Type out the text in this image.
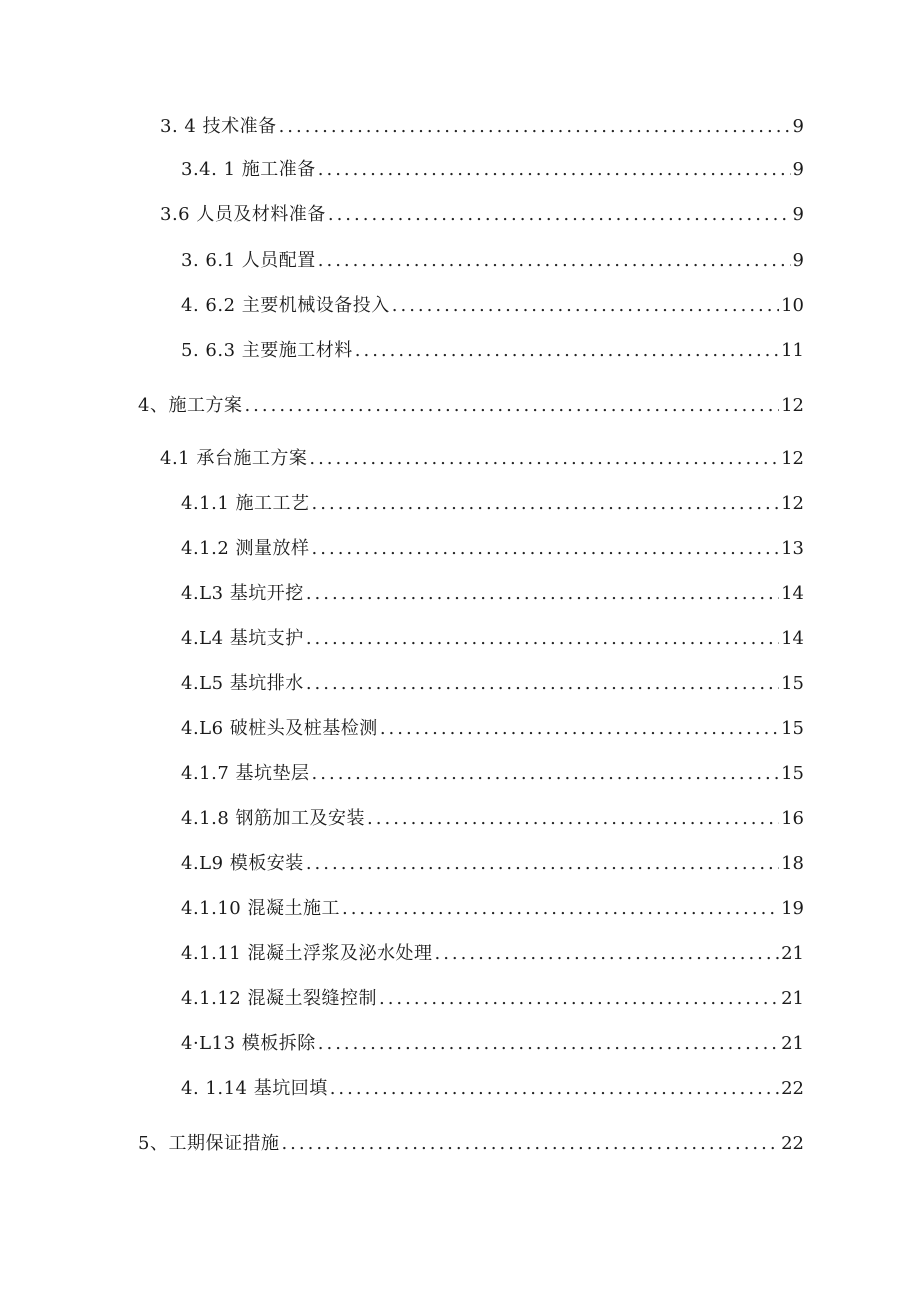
3. 4 技术准备 .....	9
3.4. 1 施工准备 .....	9
3.6 人员及材料准备 .....	9
3. 6.1 人员配置 .....	9
4. 6.2 主要机械设备投入 .....	10
5. 6.3 主要施工材料 .....	11
4、施工方案 .....	12
4.1 承台施工方案 .....	12
4.1.1 施工工艺 .....	12
4.1.2 测量放样 .....	13
4.L3 基坑开挖 .....	14
4.L4 基坑支护 .....	14
4.L5 基坑排水 .....	15
4.L6 破桩头及桩基检测 .....	15
4.1.7 基坑垫层 .....	15
4.1.8 钢筋加工及安装 .....	16
4.L9 模板安装 .....	18
4.1.10 混凝土施工 .....	19
4.1.11 混凝土浮浆及泌水处理 .....	21
4.1.12 混凝土裂缝控制 .....	21
4·L13 模板拆除 .....	21
4. 1.14 基坑回填 .....	22
5、工期保证措施 .....	22
